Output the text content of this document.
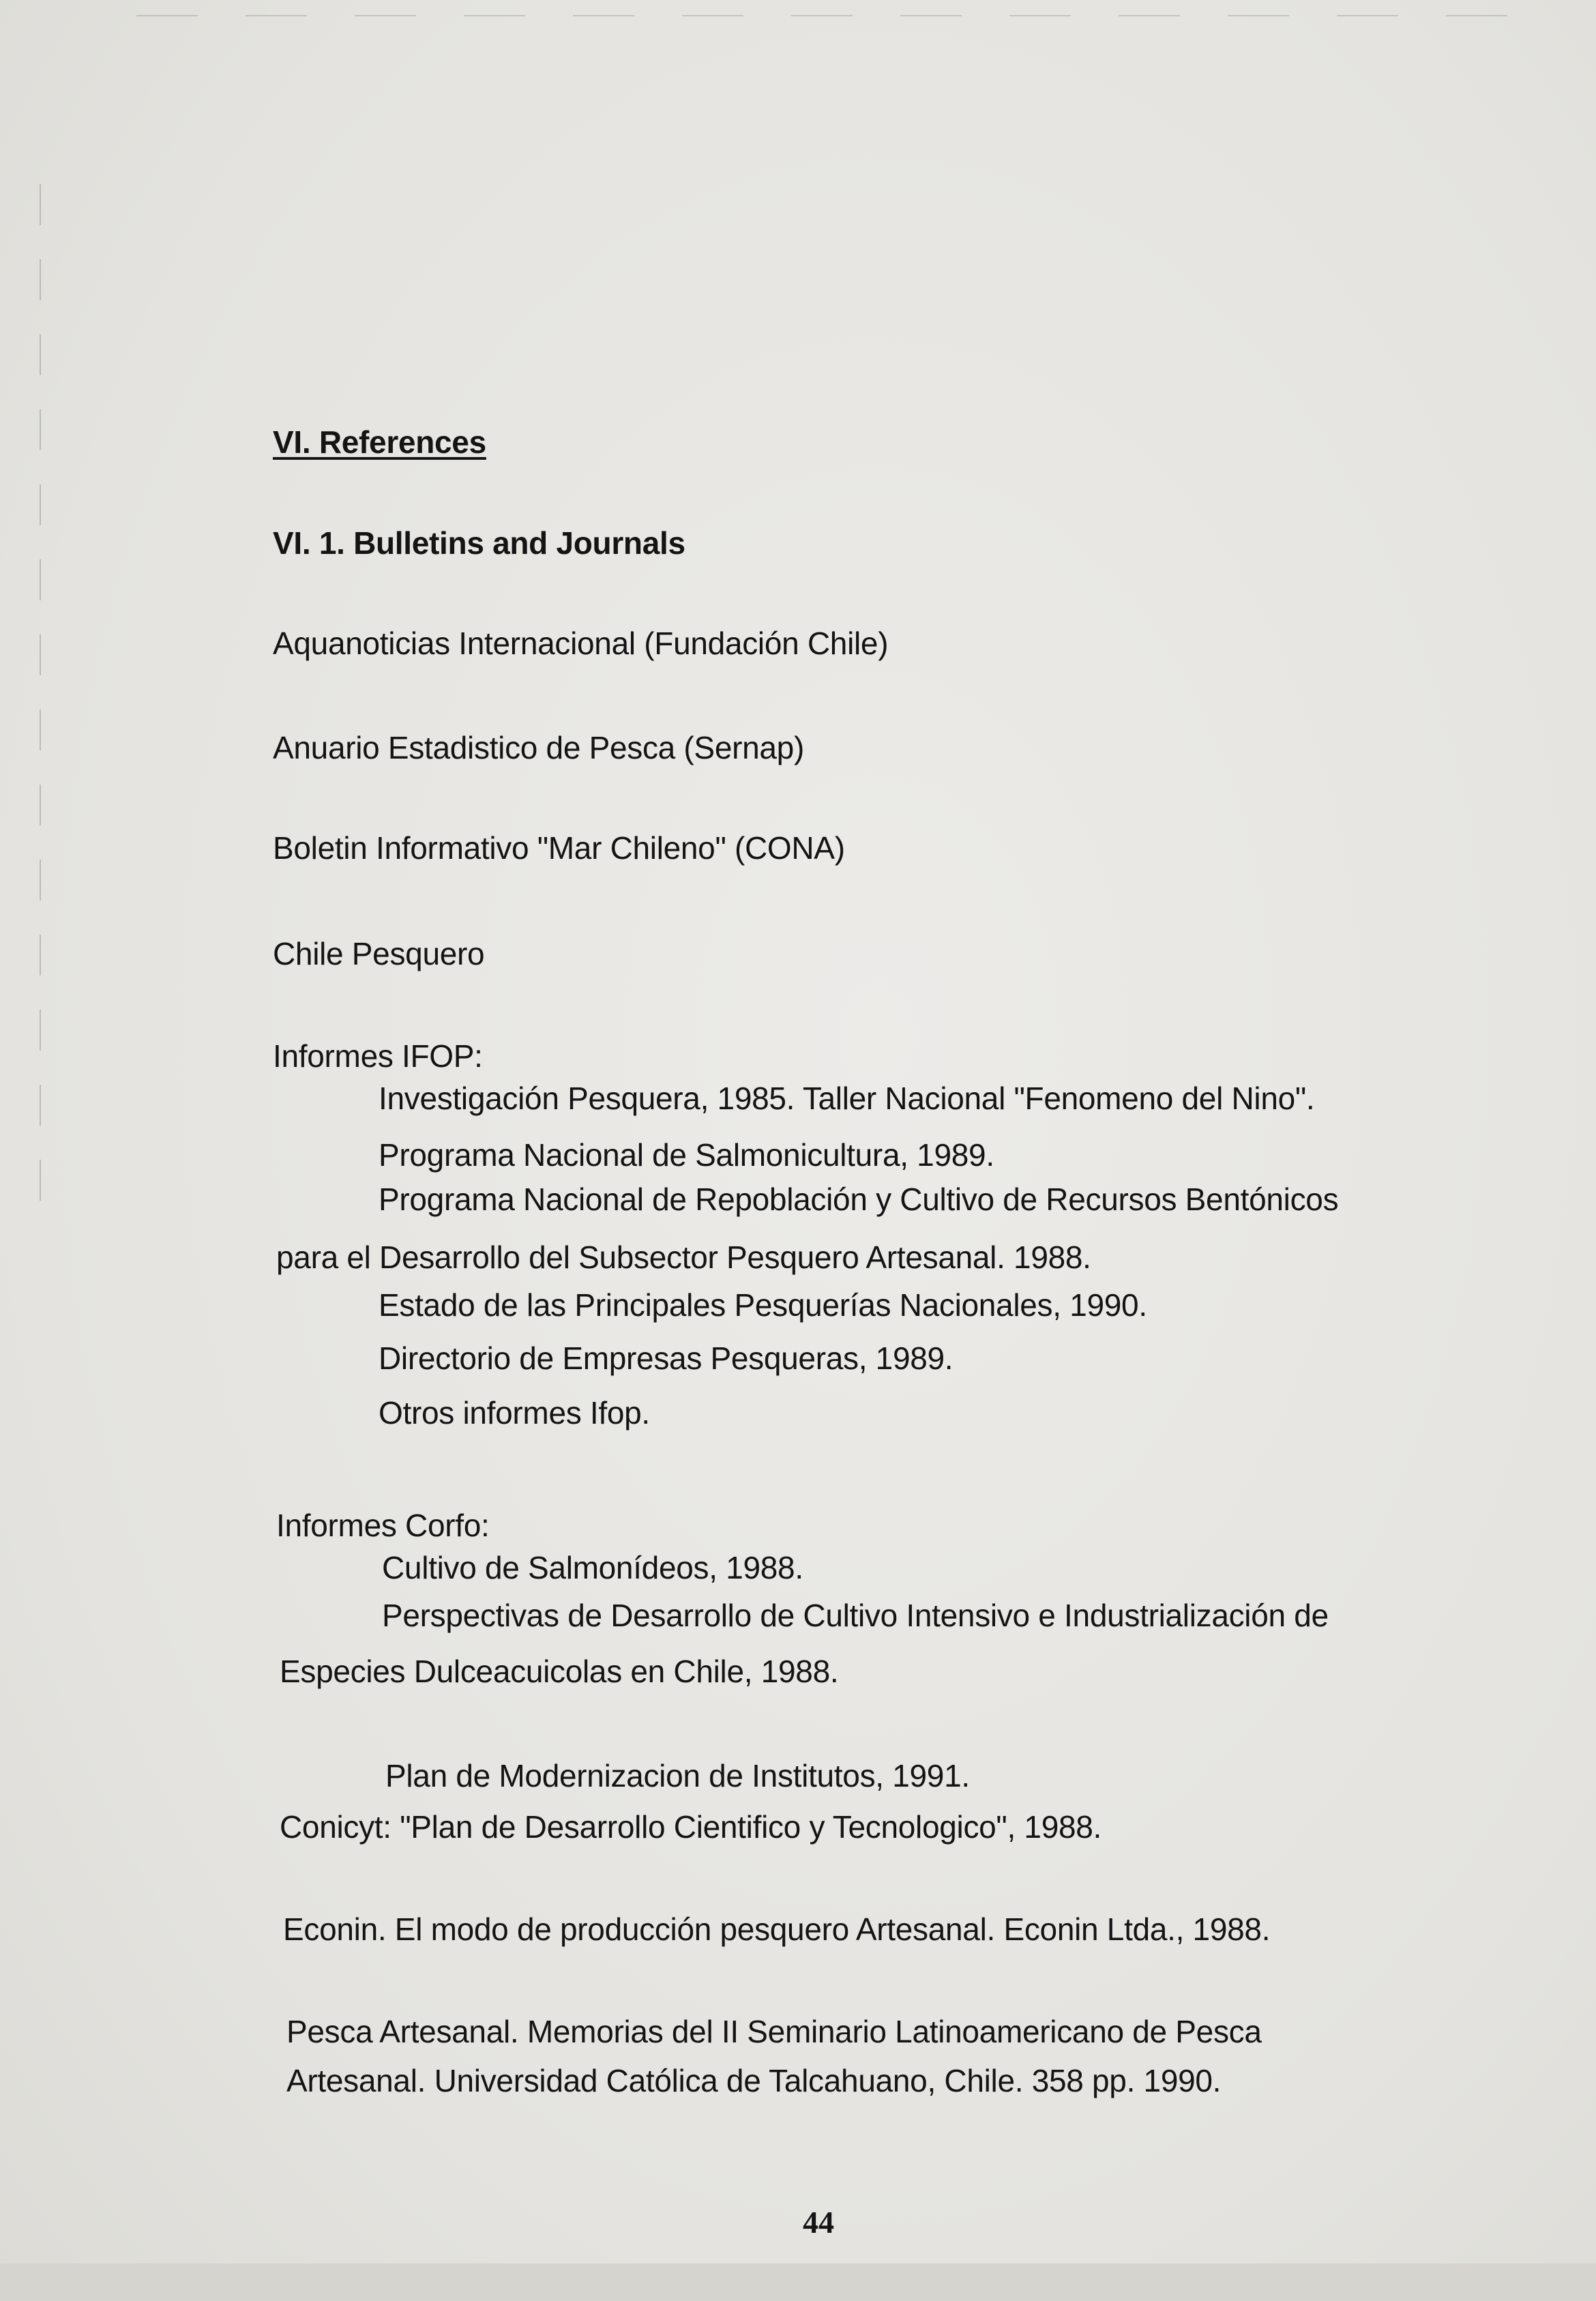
VI. References
VI. 1. Bulletins and Journals
Aquanoticias Internacional (Fundación Chile)
Anuario Estadistico de Pesca (Sernap)
Boletin Informativo "Mar Chileno" (CONA)
Chile Pesquero
Informes IFOP:
Investigación Pesquera, 1985. Taller Nacional "Fenomeno del Nino".
Programa Nacional de Salmonicultura, 1989.
Programa Nacional de Repoblación y Cultivo de Recursos Bentónicos
para el Desarrollo del Subsector Pesquero Artesanal. 1988.
Estado de las Principales Pesquerías Nacionales, 1990.
Directorio de Empresas Pesqueras, 1989.
Otros informes Ifop.
Informes Corfo:
Cultivo de Salmonídeos, 1988.
Perspectivas de Desarrollo de Cultivo Intensivo e Industrialización de
Especies Dulceacuicolas en Chile, 1988.
Plan de Modernizacion de Institutos, 1991.
Conicyt: "Plan de Desarrollo Cientifico y Tecnologico", 1988.
Econin. El modo de producción pesquero Artesanal. Econin Ltda., 1988.
Pesca Artesanal. Memorias del II Seminario Latinoamericano de Pesca
Artesanal. Universidad Católica de Talcahuano, Chile. 358 pp. 1990.
44
